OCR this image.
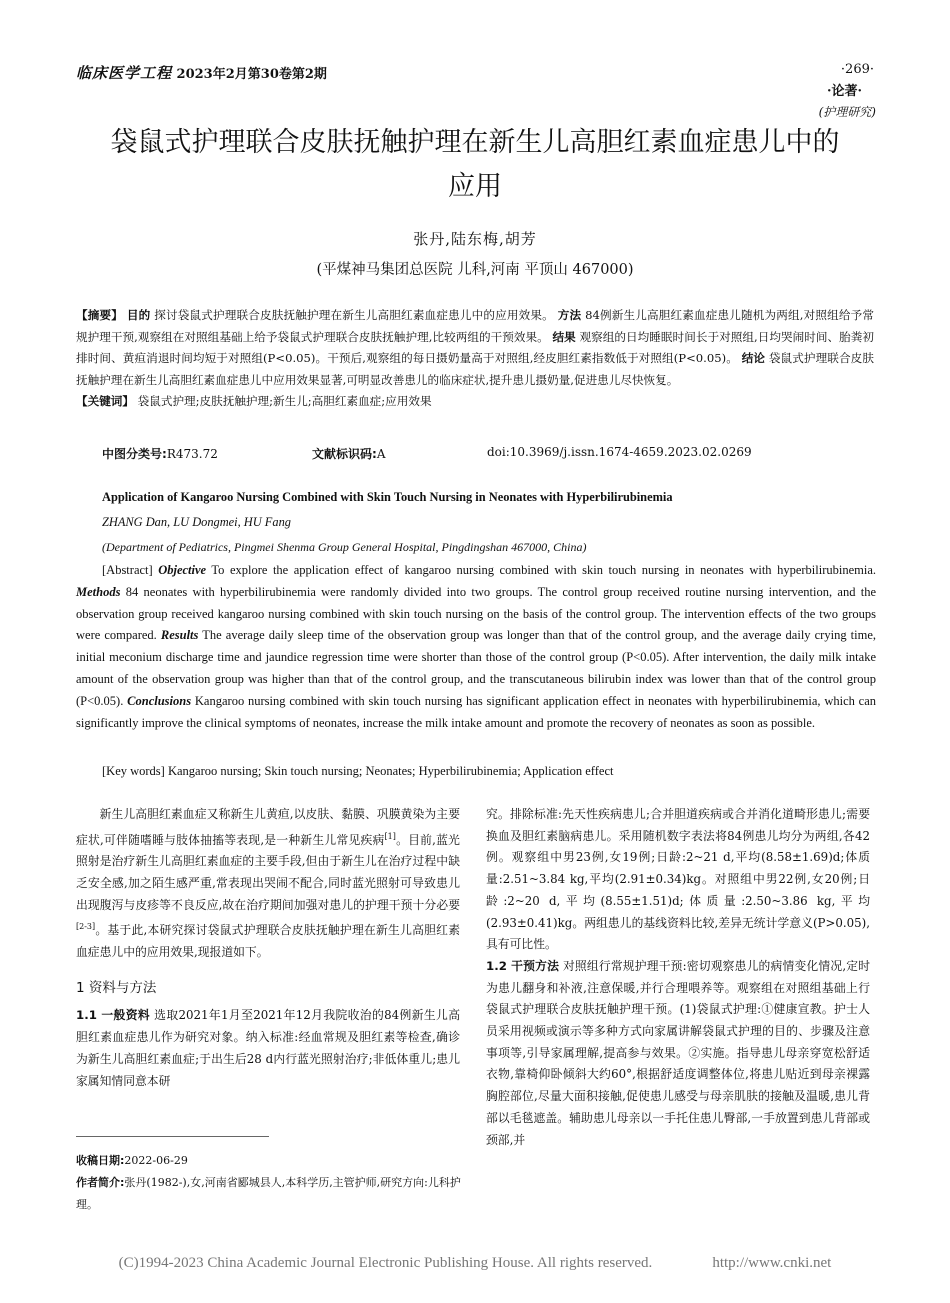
临床医学工程 2023年2月第30卷第2期	·269·
·论著·
(护理研究)
袋鼠式护理联合皮肤抚触护理在新生儿高胆红素血症患儿中的
应用
张丹,陆东梅,胡芳
(平煤神马集团总医院 儿科,河南 平顶山 467000)
【摘要】 目的 探讨袋鼠式护理联合皮肤抚触护理在新生儿高胆红素血症患儿中的应用效果。 方法 84例新生儿高胆红素血症患儿随机为两组,对照组给予常规护理干预,观察组在对照组基础上给予袋鼠式护理联合皮肤抚触护理,比较两组的干预效果。 结果 观察组的日均睡眠时间长于对照组,日均哭闹时间、胎粪初排时间、黄疸消退时间均短于对照组(P<0.05)。干预后,观察组的每日摄奶量高于对照组,经皮胆红素指数低于对照组(P<0.05)。 结论 袋鼠式护理联合皮肤抚触护理在新生儿高胆红素血症患儿中应用效果显著,可明显改善患儿的临床症状,提升患儿摄奶量,促进患儿尽快恢复。
【关键词】 袋鼠式护理;皮肤抚触护理;新生儿;高胆红素血症;应用效果
中图分类号:R473.72	文献标识码:A	doi:10.3969/j.issn.1674-4659.2023.02.0269
Application of Kangaroo Nursing Combined with Skin Touch Nursing in Neonates with Hyperbilirubinemia
ZHANG Dan, LU Dongmei, HU Fang
(Department of Pediatrics, Pingmei Shenma Group General Hospital, Pingdingshan 467000, China)
[Abstract] Objective To explore the application effect of kangaroo nursing combined with skin touch nursing in neonates with hyperbilirubinemia. Methods 84 neonates with hyperbilirubinemia were randomly divided into two groups. The control group received routine nursing intervention, and the observation group received kangaroo nursing combined with skin touch nursing on the basis of the control group. The intervention effects of the two groups were compared. Results The average daily sleep time of the observation group was longer than that of the control group, and the average daily crying time, initial meconium discharge time and jaundice regression time were shorter than those of the control group (P<0.05). After intervention, the daily milk intake amount of the observation group was higher than that of the control group, and the transcutaneous bilirubin index was lower than that of the control group (P<0.05). Conclusions Kangaroo nursing combined with skin touch nursing has significant application effect in neonates with hyperbilirubinemia, which can significantly improve the clinical symptoms of neonates, increase the milk intake amount and promote the recovery of neonates as soon as possible.
[Key words] Kangaroo nursing; Skin touch nursing; Neonates; Hyperbilirubinemia; Application effect

新生儿高胆红素血症又称新生儿黄疸,以皮肤、黏膜、巩膜黄染为主要症状,可伴随嗜睡与肢体抽搐等表现,是一种新生儿常见疾病[1]。目前,蓝光照射是治疗新生儿高胆红素血症的主要手段,但由于新生儿在治疗过程中缺乏安全感,加之陌生感严重,常表现出哭闹不配合,同时蓝光照射可导致患儿出现腹泻与皮疹等不良反应,故在治疗期间加强对患儿的护理干预十分必要[2-3]。基于此,本研究探讨袋鼠式护理联合皮肤抚触护理在新生儿高胆红素血症患儿中的应用效果,现报道如下。

1 资料与方法

1.1 一般资料 选取2021年1月至2021年12月我院收治的84例新生儿高胆红素血症患儿作为研究对象。纳入标准:经血常规及胆红素等检查,确诊为新生儿高胆红素血症;于出生后28 d内行蓝光照射治疗;非低体重儿;患儿家属知情同意本研

究。排除标准:先天性疾病患儿;合并胆道疾病或合并消化道畸形患儿;需要换血及胆红素脑病患儿。采用随机数字表法将84例患儿均分为两组,各42例。观察组中男23例,女19例;日龄:2~21 d,平均(8.58±1.69)d;体质量:2.51~3.84 kg,平均(2.91±0.34)kg。对照组中男22例,女20例;日龄:2~20 d,平均(8.55±1.51)d;体质量:2.50~3.86 kg,平均(2.93±0.41)kg。两组患儿的基线资料比较,差异无统计学意义(P>0.05),具有可比性。

1.2 干预方法 对照组行常规护理干预:密切观察患儿的病情变化情况,定时为患儿翻身和补液,注意保暖,并行合理喂养等。观察组在对照组基础上行袋鼠式护理联合皮肤抚触护理干预。(1)袋鼠式护理:①健康宣教。护士人员采用视频或演示等多种方式向家属讲解袋鼠式护理的目的、步骤及注意事项等,引导家属理解,提高参与效果。②实施。指导患儿母亲穿宽松舒适衣物,靠椅仰卧倾斜大约60°,根据舒适度调整体位,将患儿贴近到母亲裸露胸腔部位,尽量大面积接触,促使患儿感受与母亲肌肤的接触及温暖,患儿背部以毛毯遮盖。辅助患儿母亲以一手托住患儿臀部,一手放置到患儿背部或颈部,并

收稿日期:2022-06-29
作者简介:张丹(1982-),女,河南省郾城县人,本科学历,主管护师,研究方向:儿科护理。
(C)1994-2023 China Academic Journal Electronic Publishing House. All rights reserved.	http://www.cnki.net
